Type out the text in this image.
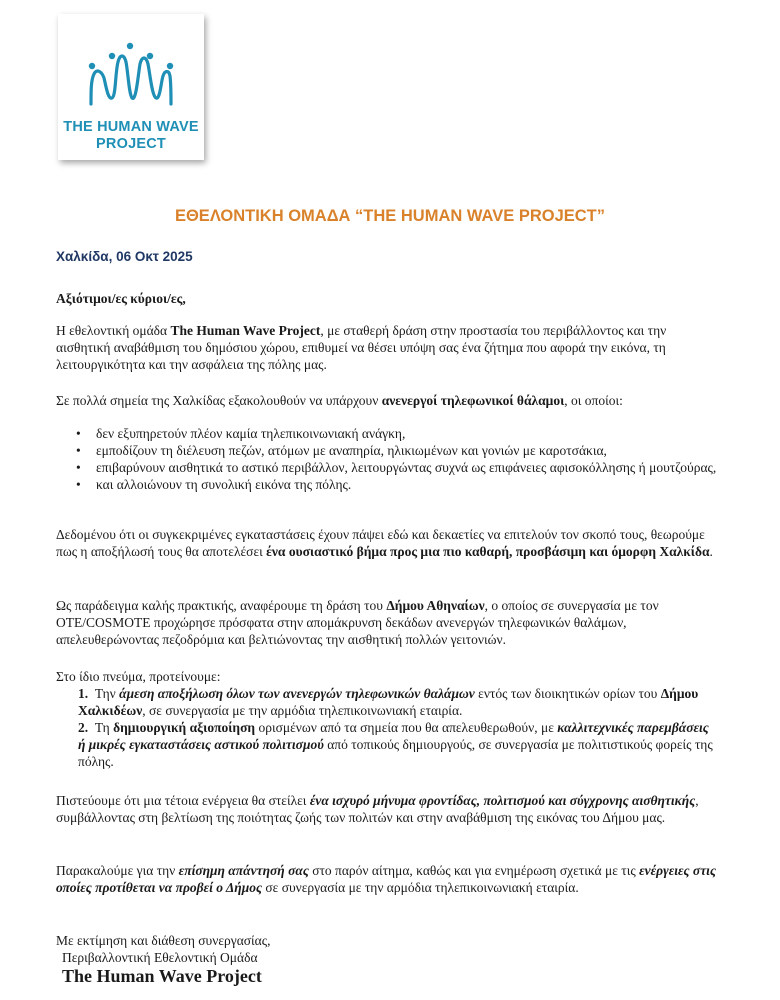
THE HUMAN WAVE
PROJECT
ΕΘΕΛΟΝΤΙΚΗ ΟΜΑΔΑ “THE HUMAN WAVE PROJECT”
Χαλκίδα, 06 Οκτ 2025
Αξιότιμοι/ες κύριοι/ες,
Η εθελοντική ομάδα The Human Wave Project, με σταθερή δράση στην προστασία του περιβάλλοντος και την αισθητική αναβάθμιση του δημόσιου χώρου, επιθυμεί να θέσει υπόψη σας ένα ζήτημα που αφορά την εικόνα, τη λειτουργικότητα και την ασφάλεια της πόλης μας.
Σε πολλά σημεία της Χαλκίδας εξακολουθούν να υπάρχουν ανενεργοί τηλεφωνικοί θάλαμοι, οι οποίοι:
• δεν εξυπηρετούν πλέον καμία τηλεπικοινωνιακή ανάγκη,
• εμποδίζουν τη διέλευση πεζών, ατόμων με αναπηρία, ηλικιωμένων και γονιών με καροτσάκια,
• επιβαρύνουν αισθητικά το αστικό περιβάλλον, λειτουργώντας συχνά ως επιφάνειες αφισοκόλλησης ή μουτζούρας,
• και αλλοιώνουν τη συνολική εικόνα της πόλης.
Δεδομένου ότι οι συγκεκριμένες εγκαταστάσεις έχουν πάψει εδώ και δεκαετίες να επιτελούν τον σκοπό τους, θεωρούμε πως η αποξήλωσή τους θα αποτελέσει ένα ουσιαστικό βήμα προς μια πιο καθαρή, προσβάσιμη και όμορφη Χαλκίδα.
Ως παράδειγμα καλής πρακτικής, αναφέρουμε τη δράση του Δήμου Αθηναίων, ο οποίος σε συνεργασία με τον ΟΤΕ/COSMOTE προχώρησε πρόσφατα στην απομάκρυνση δεκάδων ανενεργών τηλεφωνικών θαλάμων, απελευθερώνοντας πεζοδρόμια και βελτιώνοντας την αισθητική πολλών γειτονιών.
Στο ίδιο πνεύμα, προτείνουμε:
1. Την άμεση αποξήλωση όλων των ανενεργών τηλεφωνικών θαλάμων εντός των διοικητικών ορίων του Δήμου Χαλκιδέων, σε συνεργασία με την αρμόδια τηλεπικοινωνιακή εταιρία.
2. Τη δημιουργική αξιοποίηση ορισμένων από τα σημεία που θα απελευθερωθούν, με καλλιτεχνικές παρεμβάσεις ή μικρές εγκαταστάσεις αστικού πολιτισμού από τοπικούς δημιουργούς, σε συνεργασία με πολιτιστικούς φορείς της πόλης.
Πιστεύουμε ότι μια τέτοια ενέργεια θα στείλει ένα ισχυρό μήνυμα φροντίδας, πολιτισμού και σύγχρονης αισθητικής, συμβάλλοντας στη βελτίωση της ποιότητας ζωής των πολιτών και στην αναβάθμιση της εικόνας του Δήμου μας.
Παρακαλούμε για την επίσημη απάντησή σας στο παρόν αίτημα, καθώς και για ενημέρωση σχετικά με τις ενέργειες στις οποίες προτίθεται να προβεί ο Δήμος σε συνεργασία με την αρμόδια τηλεπικοινωνιακή εταιρία.
Με εκτίμηση και διάθεση συνεργασίας,
Περιβαλλοντική Εθελοντική Ομάδα
The Human Wave Project
